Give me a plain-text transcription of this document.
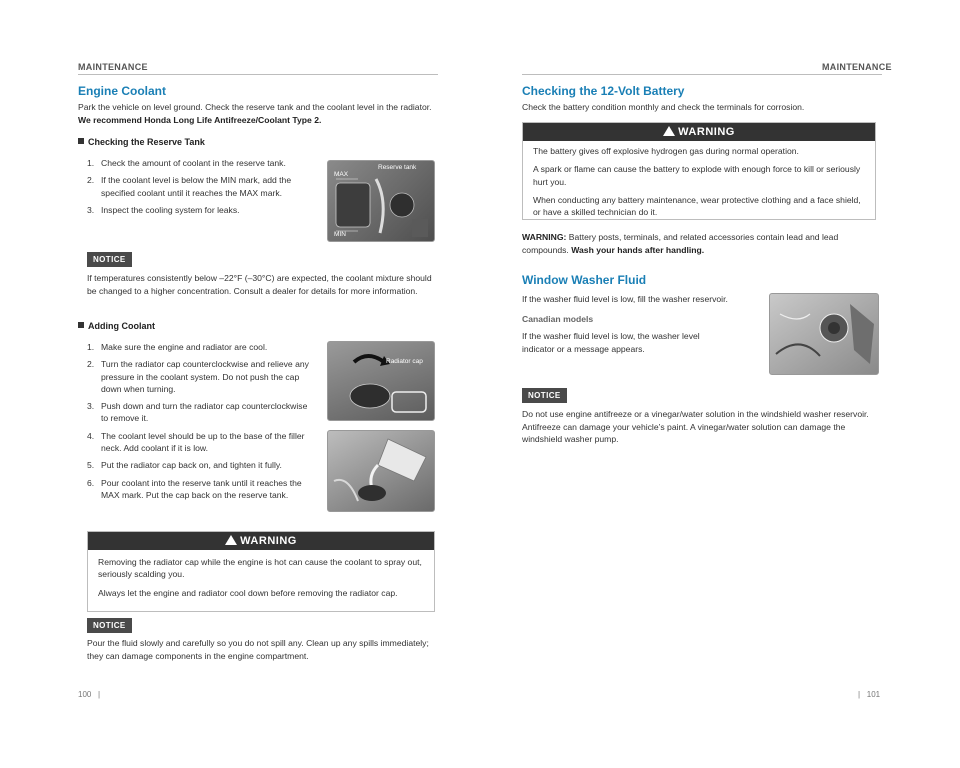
MAINTENANCE
Engine Coolant
Park the vehicle on level ground. Check the reserve tank and the coolant level in the radiator. We recommend Honda Long Life Antifreeze/Coolant Type 2.
Checking the Reserve Tank
1. Check the amount of coolant in the reserve tank.
2. If the coolant level is below the MIN mark, add the specified coolant until it reaches the MAX mark.
3. Inspect the cooling system for leaks.
Reserve tank
MAX
MIN
NOTICE
If temperatures consistently below –22°F (–30°C) are expected, the coolant mixture should be changed to a higher concentration. Consult a dealer for details for more information.
Adding Coolant
1. Make sure the engine and radiator are cool.
2. Turn the radiator cap counterclockwise and relieve any pressure in the coolant system. Do not push the cap down when turning.
3. Push down and turn the radiator cap counterclockwise to remove it.
4. The coolant level should be up to the base of the filler neck. Add coolant if it is low.
5. Put the radiator cap back on, and tighten it fully.
6. Pour coolant into the reserve tank until it reaches the MAX mark. Put the cap back on the reserve tank.
Radiator cap
WARNING

Removing the radiator cap while the engine is hot can cause the coolant to spray out, seriously scalding you.

Always let the engine and radiator cool down before removing the radiator cap.

NOTICE
Pour the fluid slowly and carefully so you do not spill any. Clean up any spills immediately; they can damage components in the engine compartment.
100   |
MAINTENANCE
Checking the 12-Volt Battery
Check the battery condition monthly and check the terminals for corrosion.
WARNING

The battery gives off explosive hydrogen gas during normal operation.

A spark or flame can cause the battery to explode with enough force to kill or seriously hurt you.

When conducting any battery maintenance, wear protective clothing and a face shield, or have a skilled technician do it.

WARNING: Battery posts, terminals, and related accessories contain lead and lead compounds. Wash your hands after handling.
Window Washer Fluid
If the washer fluid level is low, fill the washer reservoir.
Canadian models
If the washer fluid level is low, the washer level indicator or a message appears.
NOTICE
Do not use engine antifreeze or a vinegar/water solution in the windshield washer reservoir. Antifreeze can damage your vehicle’s paint. A vinegar/water solution can damage the windshield washer pump.
|   101
